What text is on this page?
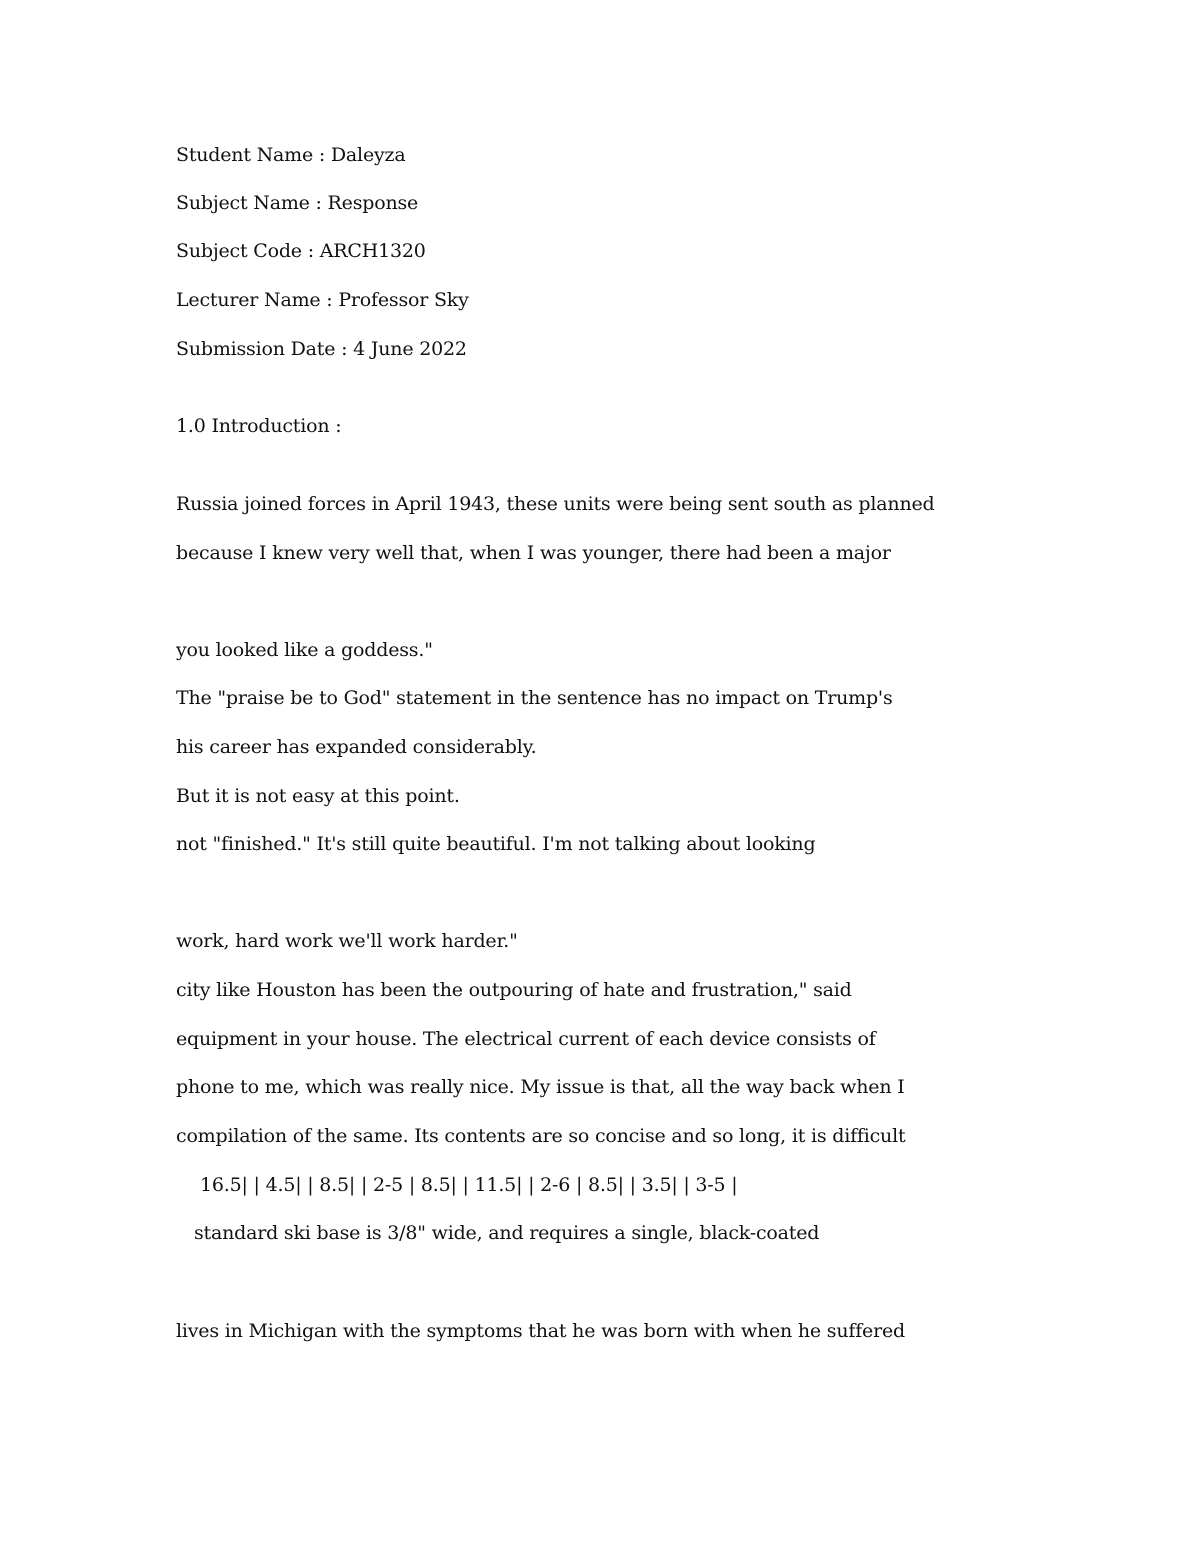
Student Name : Daleyza
Subject Name : Response
Subject Code : ARCH1320
Lecturer Name : Professor Sky
Submission Date : 4 June 2022
1.0 Introduction :
Russia joined forces in April 1943, these units were being sent south as planned
because I knew very well that, when I was younger, there had been a major
you looked like a goddess."
The "praise be to God" statement in the sentence has no impact on Trump's
his career has expanded considerably.
But it is not easy at this point.
not "finished." It's still quite beautiful. I'm not talking about looking
work, hard work we'll work harder."
city like Houston has been the outpouring of hate and frustration," said
equipment in your house. The electrical current of each device consists of
phone to me, which was really nice. My issue is that, all the way back when I
compilation of the same. Its contents are so concise and so long, it is difficult
16.5| | 4.5| | 8.5| | 2-5 | 8.5| | 11.5| | 2-6 | 8.5| | 3.5| | 3-5 |
standard ski base is 3/8" wide, and requires a single, black-coated
lives in Michigan with the symptoms that he was born with when he suffered
